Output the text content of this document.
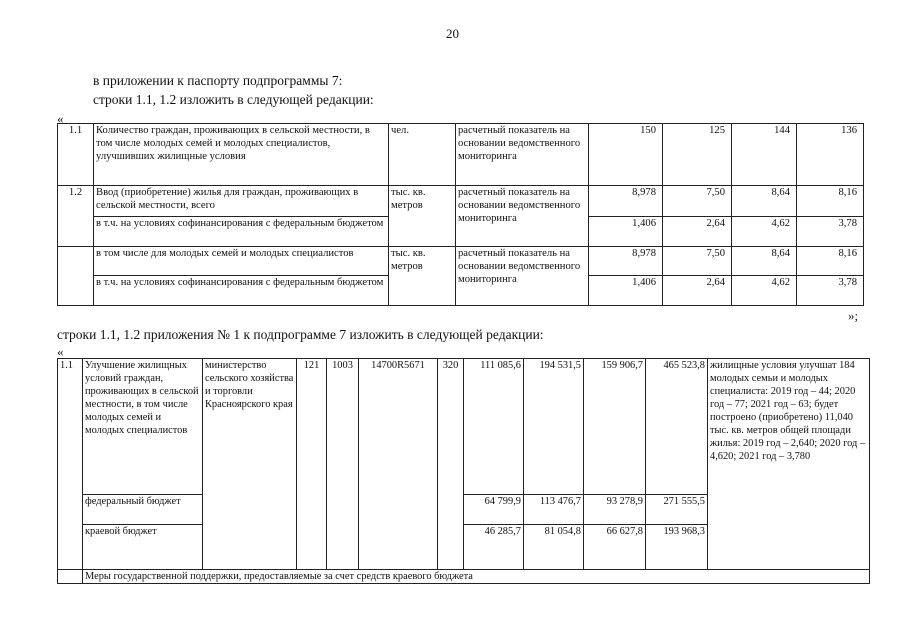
20
в приложении к паспорту подпрограммы 7:
строки 1.1, 1.2 изложить в следующей редакции:
«
1.1	Количество граждан, проживающих в сельской местности, в том числе молодых семей и молодых специалистов, улучшивших жилищные условия	чел.	расчетный показатель на основании ведомственного мониторинга	150	125	144	136
1.2	Ввод (приобретение) жилья для граждан, проживающих в сельской местности, всего	тыс. кв. метров	расчетный показатель на основании ведомственного мониторинга	8,978	7,50	8,64	8,16
	в т.ч. на условиях софинансирования с федеральным бюджетом			1,406	2,64	4,62	3,78
	в том числе для молодых семей и молодых специалистов	тыс. кв. метров	расчетный показатель на основании ведомственного мониторинга	8,978	7,50	8,64	8,16
	в т.ч. на условиях софинансирования с федеральным бюджетом			1,406	2,64	4,62	3,78
»;
строки 1.1, 1.2 приложения № 1 к подпрограмме 7 изложить в следующей редакции:
«
1.1	Улучшение жилищных условий граждан, проживающих в сельской местности, в том числе молодых семей и молодых специалистов	министерство сельского хозяйства и торговли Красноярского края	121	1003	14700R5671	320	111 085,6	194 531,5	159 906,7	465 523,8	жилищные условия улучшат 184 молодых семьи и молодых специалиста: 2019 год – 44; 2020 год – 77; 2021 год – 63; будет построено (приобретено) 11,040 тыс. кв. метров общей площади жилья: 2019 год – 2,640; 2020 год – 4,620; 2021 год – 3,780
	федеральный бюджет						64 799,9	113 476,7	93 278,9	271 555,5	
	краевой бюджет						46 285,7	81 054,8	66 627,8	193 968,3	
	Меры государственной поддержки, предоставляемые за счет средств краевого бюджета										
